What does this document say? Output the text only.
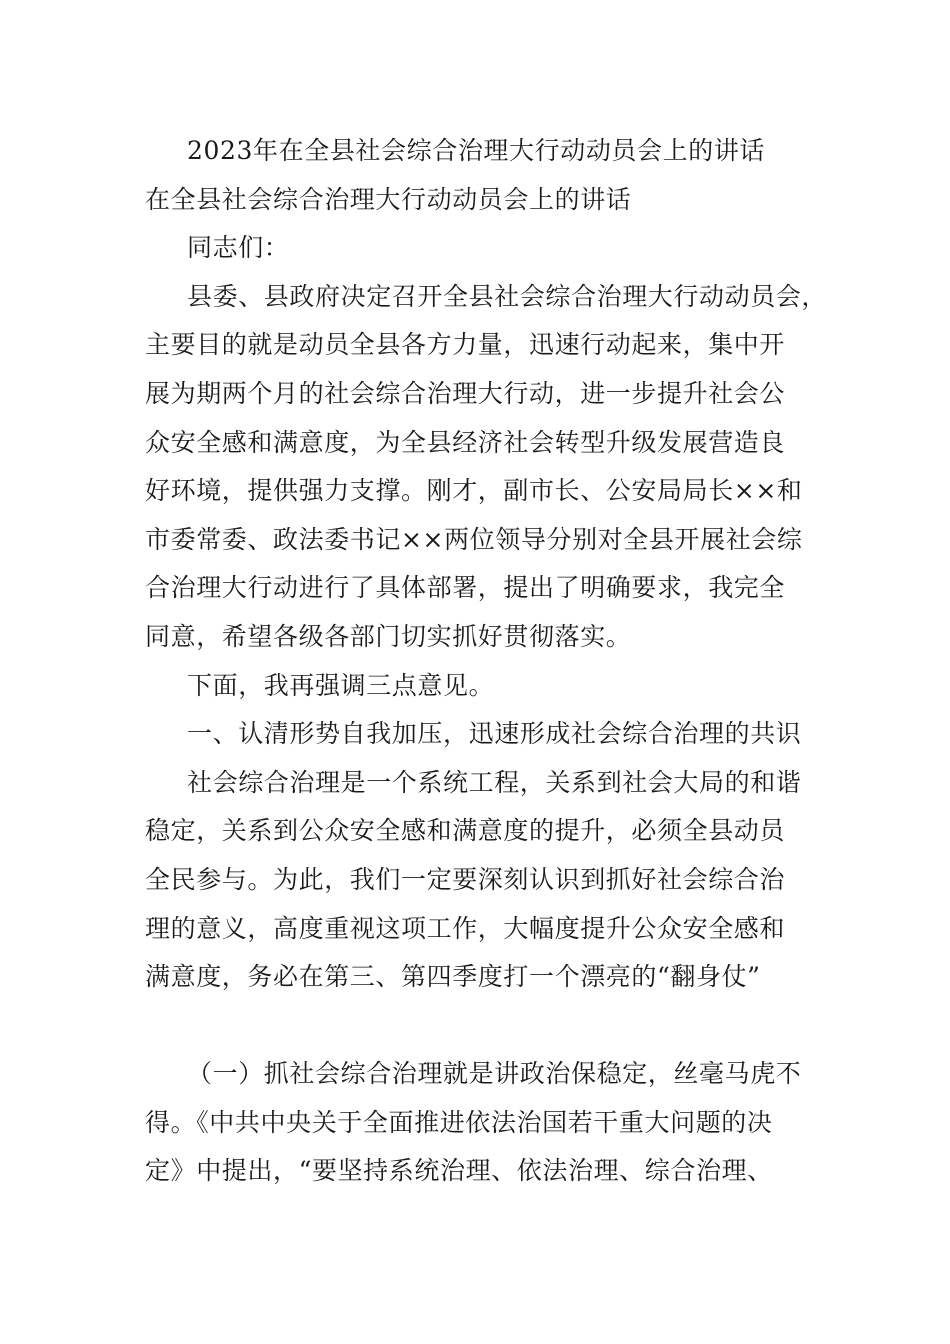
2023年在全县社会综合治理大行动动员会上的讲话
在全县社会综合治理大行动动员会上的讲话
同志们：
县委、县政府决定召开全县社会综合治理大行动动员会，
主要目的就是动员全县各方力量，迅速行动起来，集中开
展为期两个月的社会综合治理大行动，进一步提升社会公
众安全感和满意度，为全县经济社会转型升级发展营造良
好环境，提供强力支撑。刚才，副市长、公安局局长××和
市委常委、政法委书记××两位领导分别对全县开展社会综
合治理大行动进行了具体部署，提出了明确要求，我完全
同意，希望各级各部门切实抓好贯彻落实。
下面，我再强调三点意见。
一、认清形势自我加压，迅速形成社会综合治理的共识
社会综合治理是一个系统工程，关系到社会大局的和谐
稳定，关系到公众安全感和满意度的提升，必须全县动员
全民参与。为此，我们一定要深刻认识到抓好社会综合治
理的意义，高度重视这项工作，大幅度提升公众安全感和
满意度，务必在第三、第四季度打一个漂亮的“翻身仗”
（一）抓社会综合治理就是讲政治保稳定，丝毫马虎不
得。《中共中央关于全面推进依法治国若干重大问题的决
定》中提出，“要坚持系统治理、依法治理、综合治理、
